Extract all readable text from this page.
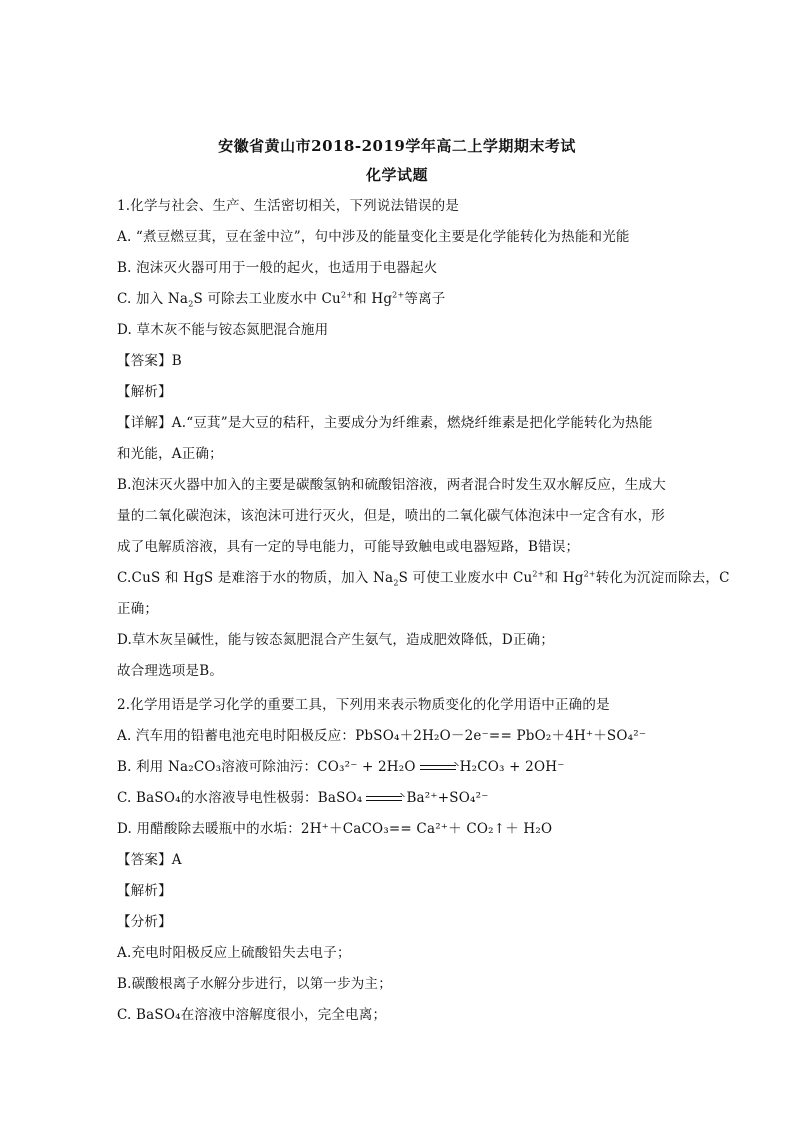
安徽省黄山市2018-2019学年高二上学期期末考试
化学试题
1.化学与社会、生产、生活密切相关，下列说法错误的是
A. “煮豆燃豆萁，豆在釜中泣”，句中涉及的能量变化主要是化学能转化为热能和光能
B. 泡沫灭火器可用于一般的起火，也适用于电器起火
C. 加入 $Na_2S$ 可除去工业废水中 $Cu^{2+}$和 $Hg^{2+}$等离子
D. 草木灰不能与铵态氮肥混合施用
【答案】B
【解析】
【详解】A.“豆萁”是大豆的秸秆，主要成分为纤维素，燃烧纤维素是把化学能转化为热能
和光能，A正确；
B.泡沫灭火器中加入的主要是碳酸氢钠和硫酸铝溶液，两者混合时发生双水解反应，生成大
量的二氧化碳泡沫，该泡沫可进行灭火，但是，喷出的二氧化碳气体泡沫中一定含有水，形
成了电解质溶液，具有一定的导电能力，可能导致触电或电器短路，B错误；
C.CuS 和 HgS 是难溶于水的物质，加入 $Na_2S$ 可使工业废水中 $Cu^{2+}$和 $Hg^{2+}$转化为沉淀而除去，C
正确；
D.草木灰呈碱性，能与铵态氮肥混合产生氨气，造成肥效降低，D正确；
故合理选项是B。
2.化学用语是学习化学的重要工具，下列用来表示物质变化的化学用语中正确的是
A. 汽车用的铅蓄电池充电时阳极反应：PbSO₄＋2H₂O－2e⁻== PbO₂＋4H⁺＋SO₄²⁻
B. 利用 Na₂CO₃溶液可除油污：CO₃²⁻ + 2H₂O	H₂CO₃ + 2OH⁻
C. BaSO₄的水溶液导电性极弱：BaSO₄	Ba²⁺+SO₄²⁻
D. 用醋酸除去暖瓶中的水垢：2H⁺＋CaCO₃== Ca²⁺＋ CO₂↑＋ H₂O
【答案】A
【解析】
【分析】
A.充电时阳极反应上硫酸铅失去电子；
B.碳酸根离子水解分步进行，以第一步为主；
C. BaSO₄在溶液中溶解度很小，完全电离；
